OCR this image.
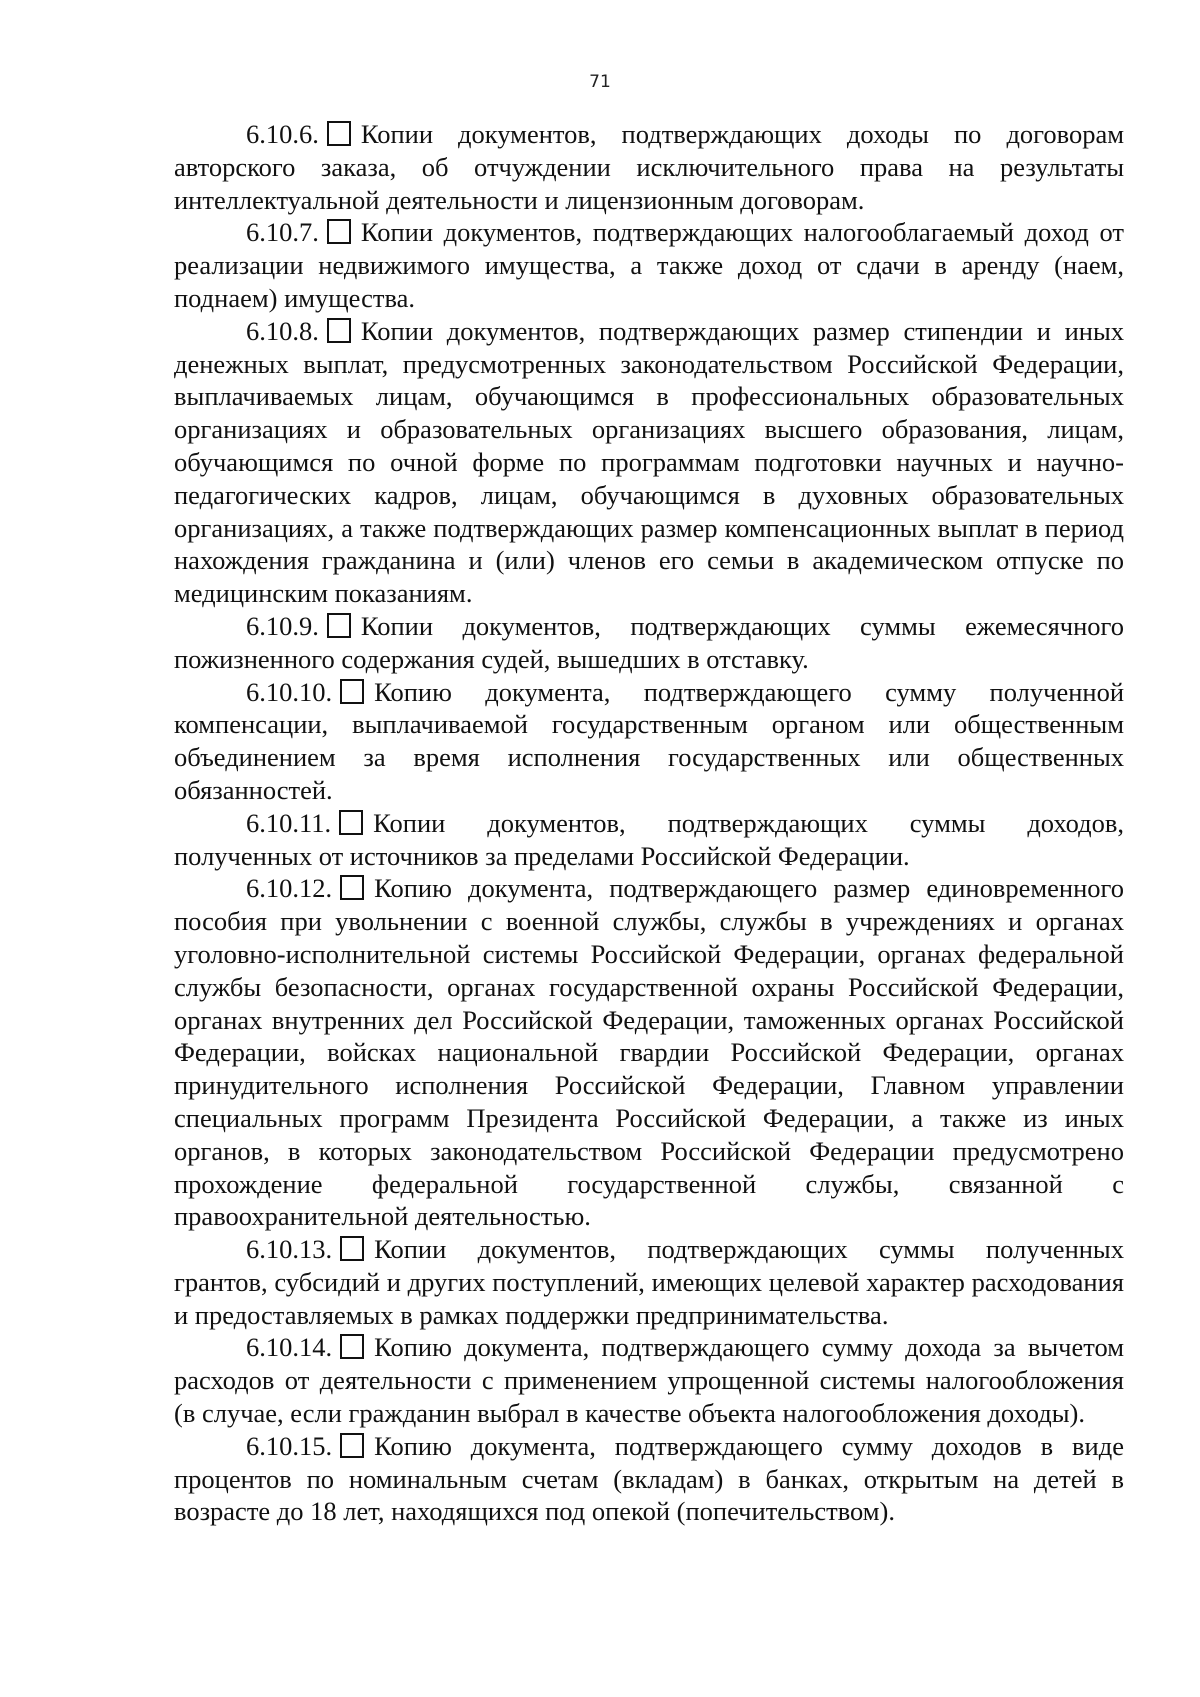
71

6.10.6. Копии документов, подтверждающих доходы по договорам авторского заказа, об отчуждении исключительного права на результаты интеллектуальной деятельности и лицензионным договорам.

6.10.7. Копии документов, подтверждающих налогооблагаемый доход от реализации недвижимого имущества, а также доход от сдачи в аренду (наем, поднаем) имущества.

6.10.8. Копии документов, подтверждающих размер стипендии и иных денежных выплат, предусмотренных законодательством Российской Федерации, выплачиваемых лицам, обучающимся в профессиональных образовательных организациях и образовательных организациях высшего образования, лицам, обучающимся по очной форме по программам подготовки научных и научно-педагогических кадров, лицам, обучающимся в духовных образовательных организациях, а также подтверждающих размер компенсационных выплат в период нахождения гражданина и (или) членов его семьи в академическом отпуске по медицинским показаниям.

6.10.9. Копии документов, подтверждающих суммы ежемесячного пожизненного содержания судей, вышедших в отставку.

6.10.10. Копию документа, подтверждающего сумму полученной компенсации, выплачиваемой государственным органом или общественным объединением за время исполнения государственных или общественных обязанностей.

6.10.11. Копии документов, подтверждающих суммы доходов, полученных от источников за пределами Российской Федерации.

6.10.12. Копию документа, подтверждающего размер единовременного пособия при увольнении с военной службы, службы в учреждениях и органах уголовно-исполнительной системы Российской Федерации, органах федеральной службы безопасности, органах государственной охраны Российской Федерации, органах внутренних дел Российской Федерации, таможенных органах Российской Федерации, войсках национальной гвардии Российской Федерации, органах принудительного исполнения Российской Федерации, Главном управлении специальных программ Президента Российской Федерации, а также из иных органов, в которых законодательством Российской Федерации предусмотрено прохождение федеральной государственной службы, связанной с правоохранительной деятельностью.

6.10.13. Копии документов, подтверждающих суммы полученных грантов, субсидий и других поступлений, имеющих целевой характер расходования и предоставляемых в рамках поддержки предпринимательства.

6.10.14. Копию документа, подтверждающего сумму дохода за вычетом расходов от деятельности с применением упрощенной системы налогообложения (в случае, если гражданин выбрал в качестве объекта налогообложения доходы).

6.10.15. Копию документа, подтверждающего сумму доходов в виде процентов по номинальным счетам (вкладам) в банках, открытым на детей в возрасте до 18 лет, находящихся под опекой (попечительством).
